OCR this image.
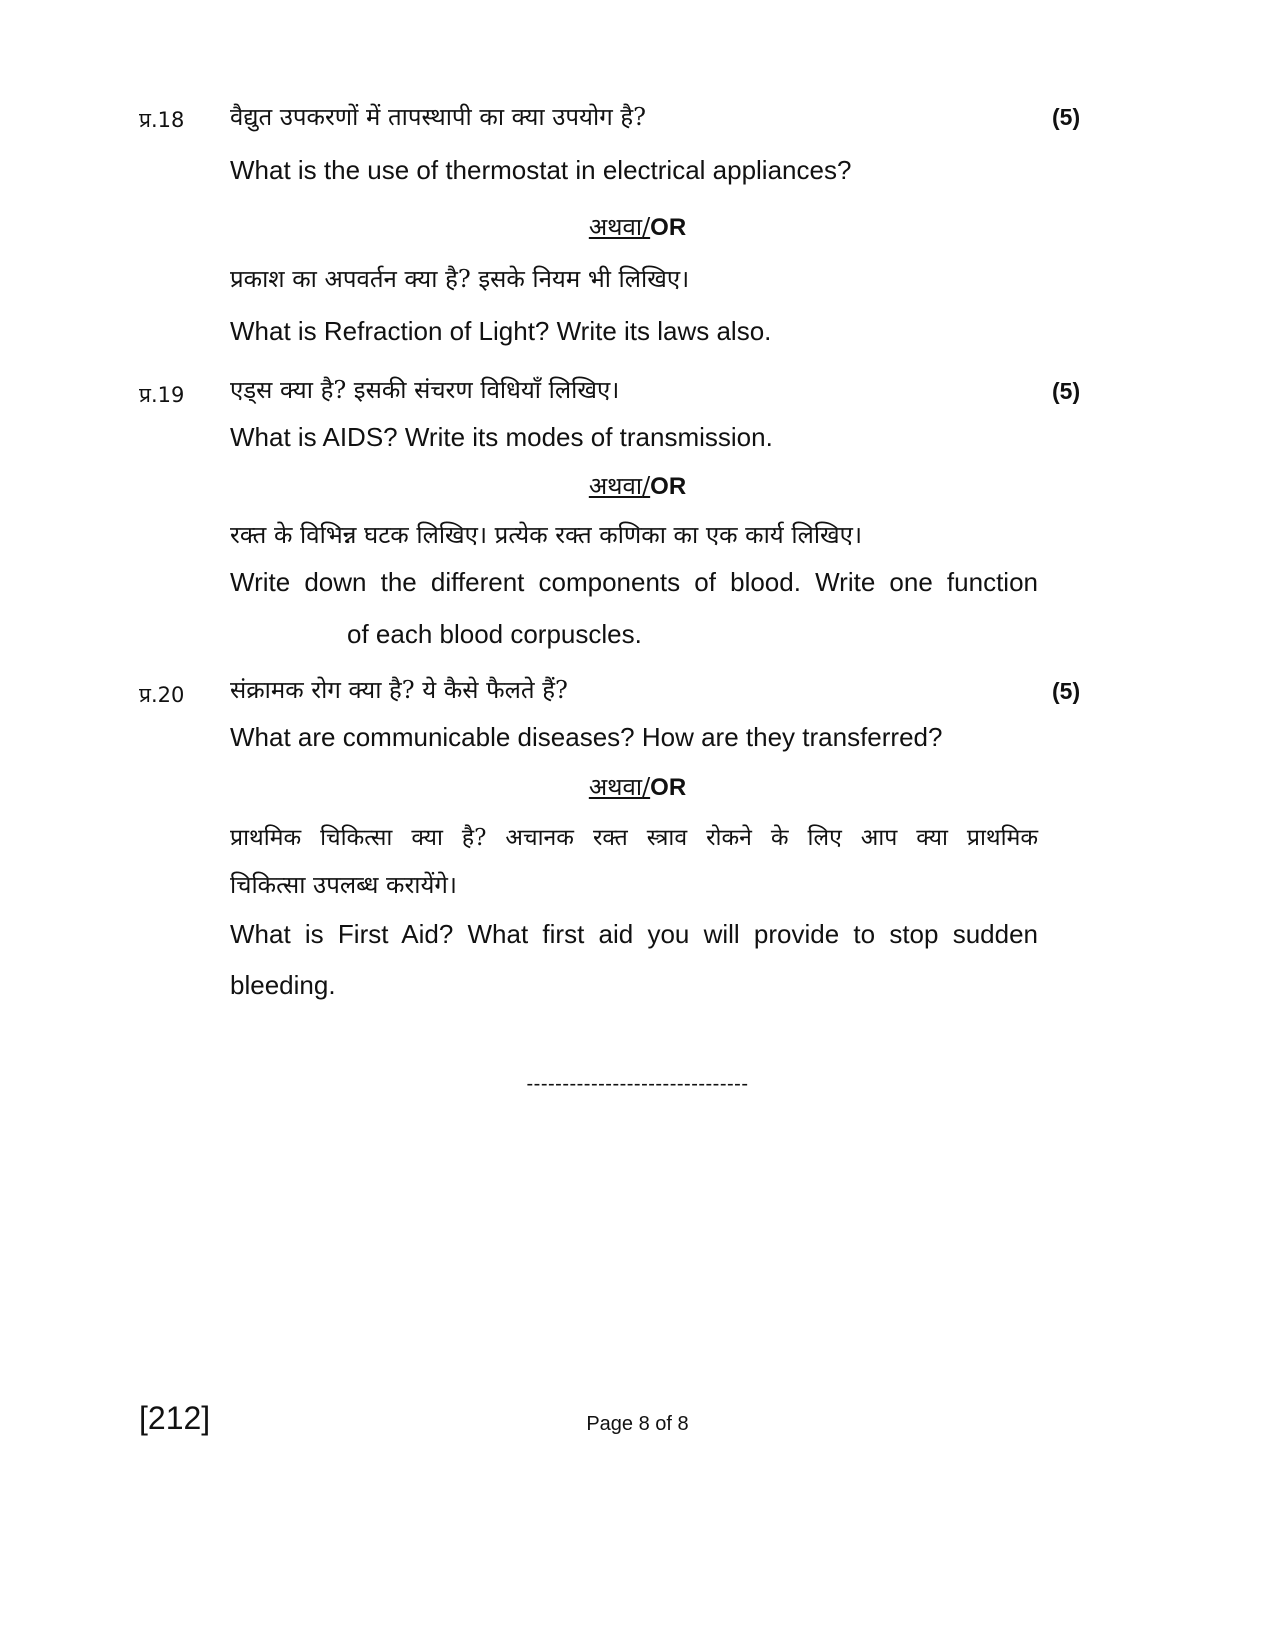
प्र.18	(5)
वैद्युत उपकरणों में तापस्थापी का क्या उपयोग है?
What is the use of thermostat in electrical appliances?
अथवा/OR
प्रकाश का अपवर्तन क्या है? इसके नियम भी लिखिए।
What is Refraction of Light? Write its laws also.
प्र.19	(5)
एड्स क्या है? इसकी संचरण विधियाँ लिखिए।
What is AIDS? Write its modes of transmission.
अथवा/OR
रक्त के विभिन्न घटक लिखिए। प्रत्येक रक्त कणिका का एक कार्य लिखिए।
Write down the different components of blood. Write one function
of each blood corpuscles.
प्र.20	(5)
संक्रामक रोग क्या है? ये कैसे फैलते हैं?
What are communicable diseases? How are they transferred?
अथवा/OR
प्राथमिक चिकित्सा क्या है? अचानक रक्त स्त्राव रोकने के लिए आप क्या प्राथमिक
चिकित्सा उपलब्ध करायेंगे।
What is First Aid? What first aid you will provide to stop sudden
bleeding.
-------------------------------
[212]	Page 8 of 8
